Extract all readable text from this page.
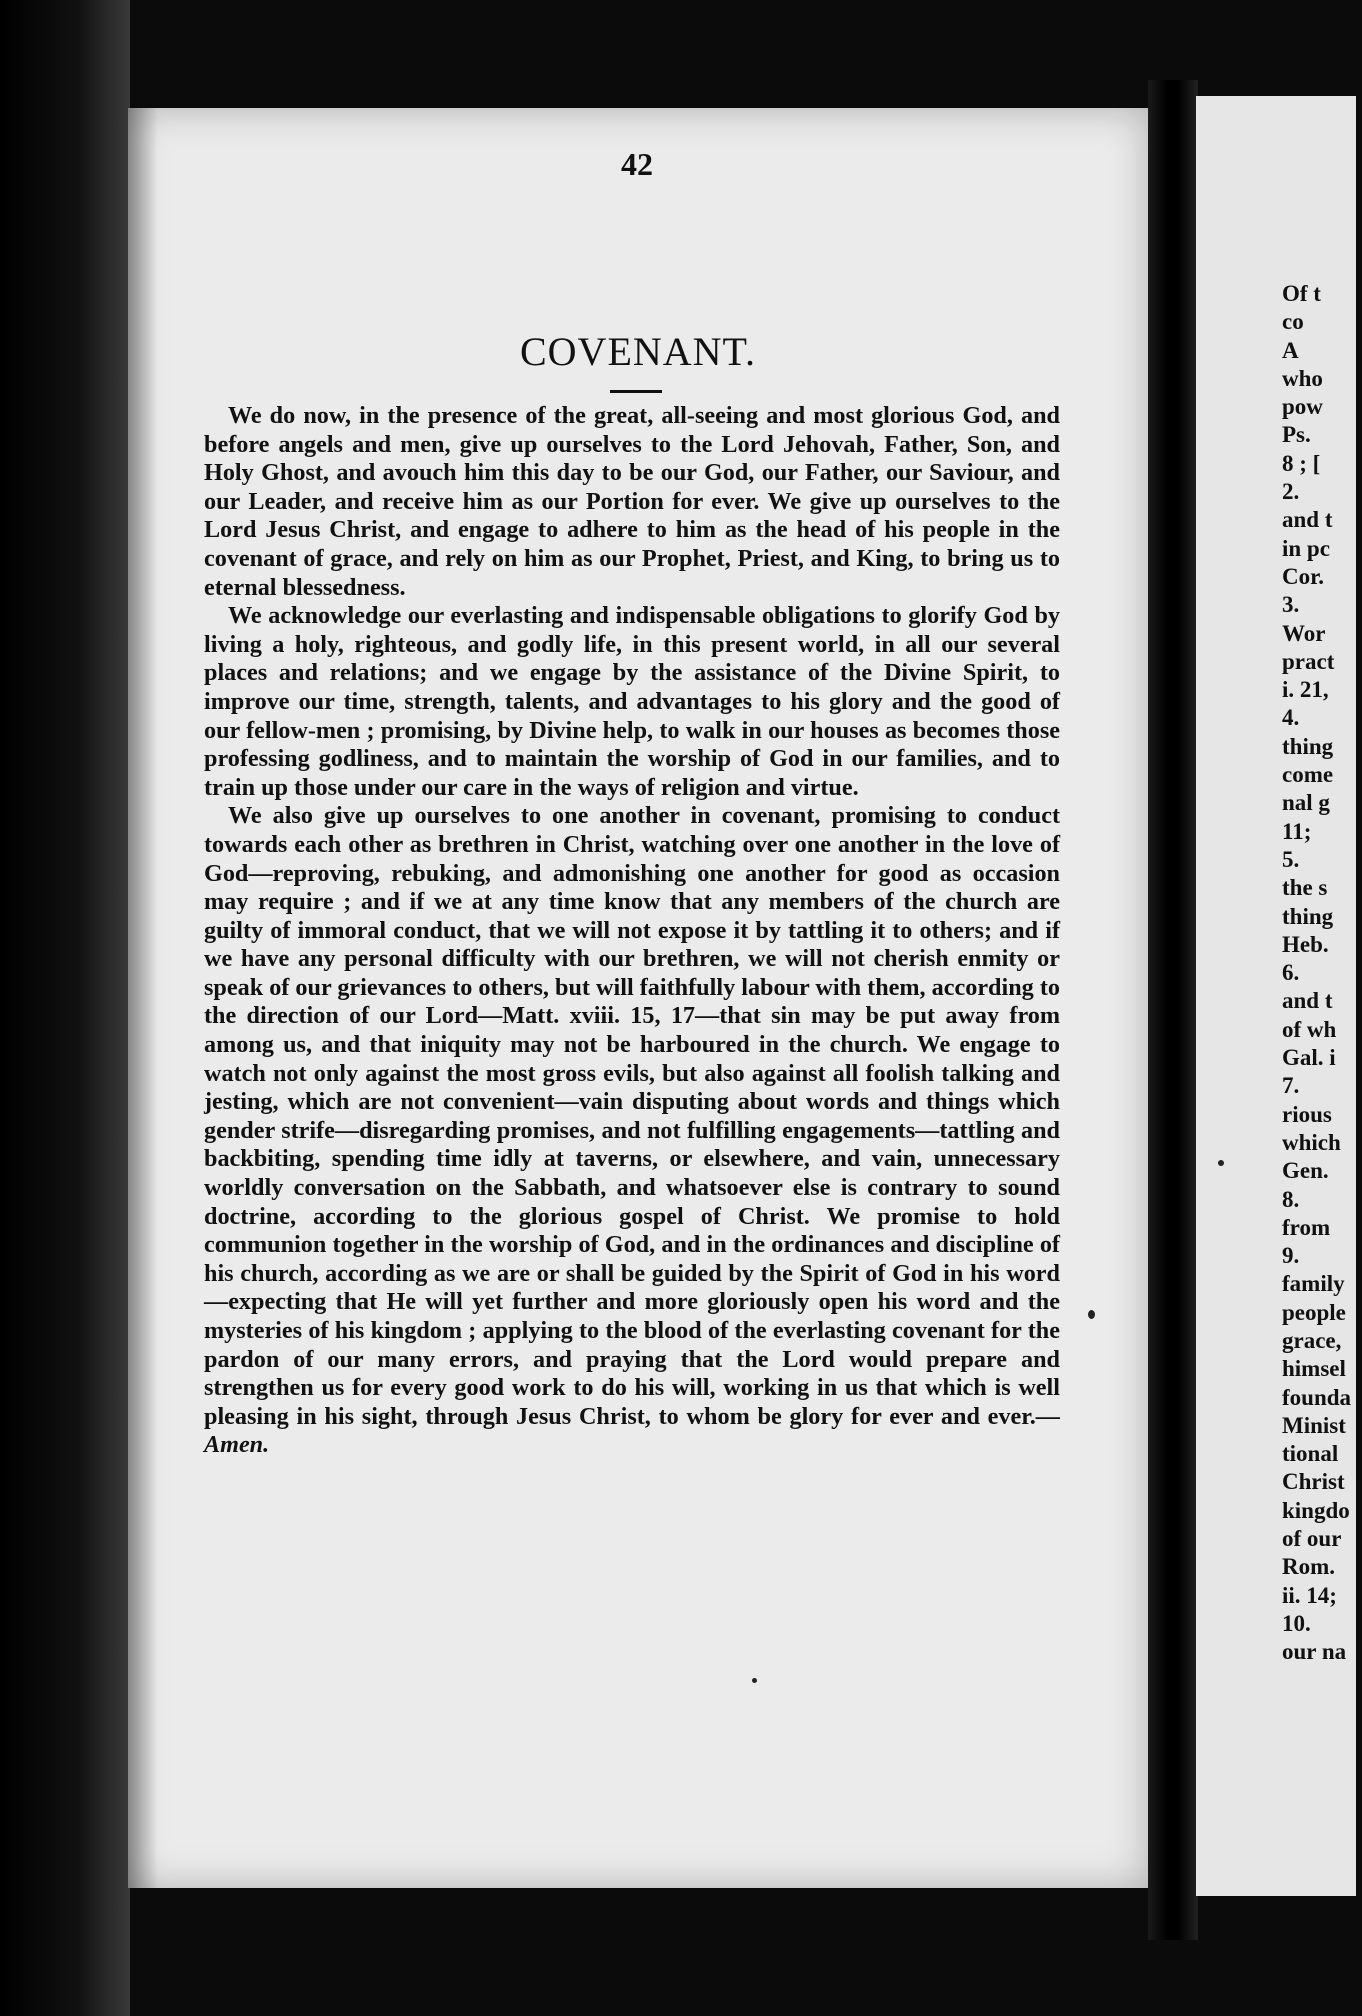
42
COVENANT.

We do now, in the presence of the great, all-seeing and most glorious God, and before angels and men, give up ourselves to the Lord Jehovah, Father, Son, and Holy Ghost, and avouch him this day to be our God, our Father, our Saviour, and our Leader, and receive him as our Portion for ever. We give up ourselves to the Lord Jesus Christ, and engage to adhere to him as the head of his people in the covenant of grace, and rely on him as our Prophet, Priest, and King, to bring us to eternal blessedness.

We acknowledge our everlasting and indispensable obligations to glorify God by living a holy, righteous, and godly life, in this present world, in all our several places and relations; and we engage by the assistance of the Divine Spirit, to improve our time, strength, talents, and advantages to his glory and the good of our fellow-men ; promising, by Divine help, to walk in our houses as becomes those professing godliness, and to maintain the worship of God in our families, and to train up those under our care in the ways of religion and virtue.

We also give up ourselves to one another in covenant, promising to conduct towards each other as brethren in Christ, watching over one another in the love of God—reproving, rebuking, and admonishing one another for good as occasion may require ; and if we at any time know that any members of the church are guilty of immoral conduct, that we will not expose it by tattling it to others; and if we have any personal difficulty with our brethren, we will not cherish enmity or speak of our grievances to others, but will faithfully labour with them, according to the direction of our Lord—Matt. xviii. 15, 17—that sin may be put away from among us, and that iniquity may not be harboured in the church. We engage to watch not only against the most gross evils, but also against all foolish talking and jesting, which are not convenient—vain disputing about words and things which gender strife—disregarding promises, and not fulfilling engagements—tattling and backbiting, spending time idly at taverns, or elsewhere, and vain, unnecessary worldly conversation on the Sabbath, and whatsoever else is contrary to sound doctrine, according to the glorious gospel of Christ. We promise to hold communion together in the worship of God, and in the ordinances and discipline of his church, according as we are or shall be guided by the Spirit of God in his word—expecting that He will yet further and more gloriously open his word and the mysteries of his kingdom ; applying to the blood of the everlasting covenant for the pardon of our many errors, and praying that the Lord would prepare and strengthen us for every good work to do his will, working in us that which is well pleasing in his sight, through Jesus Christ, to whom be glory for ever and ever.—Amen.

Of t
co
A
who
pow
Ps.
8 ; [
2.
and t
in pc
Cor.
3.
Wor
pract
i. 21,
4.
thing
come
nal g
11;
5.
the s
thing
Heb.
6.
and t
of wh
Gal. i
7.
rious
which
Gen.
8.
from
9.
family
people
grace,
himsel
founda
Minist
tional
Christ
kingdo
of our
Rom.
ii. 14;
10.
our na
